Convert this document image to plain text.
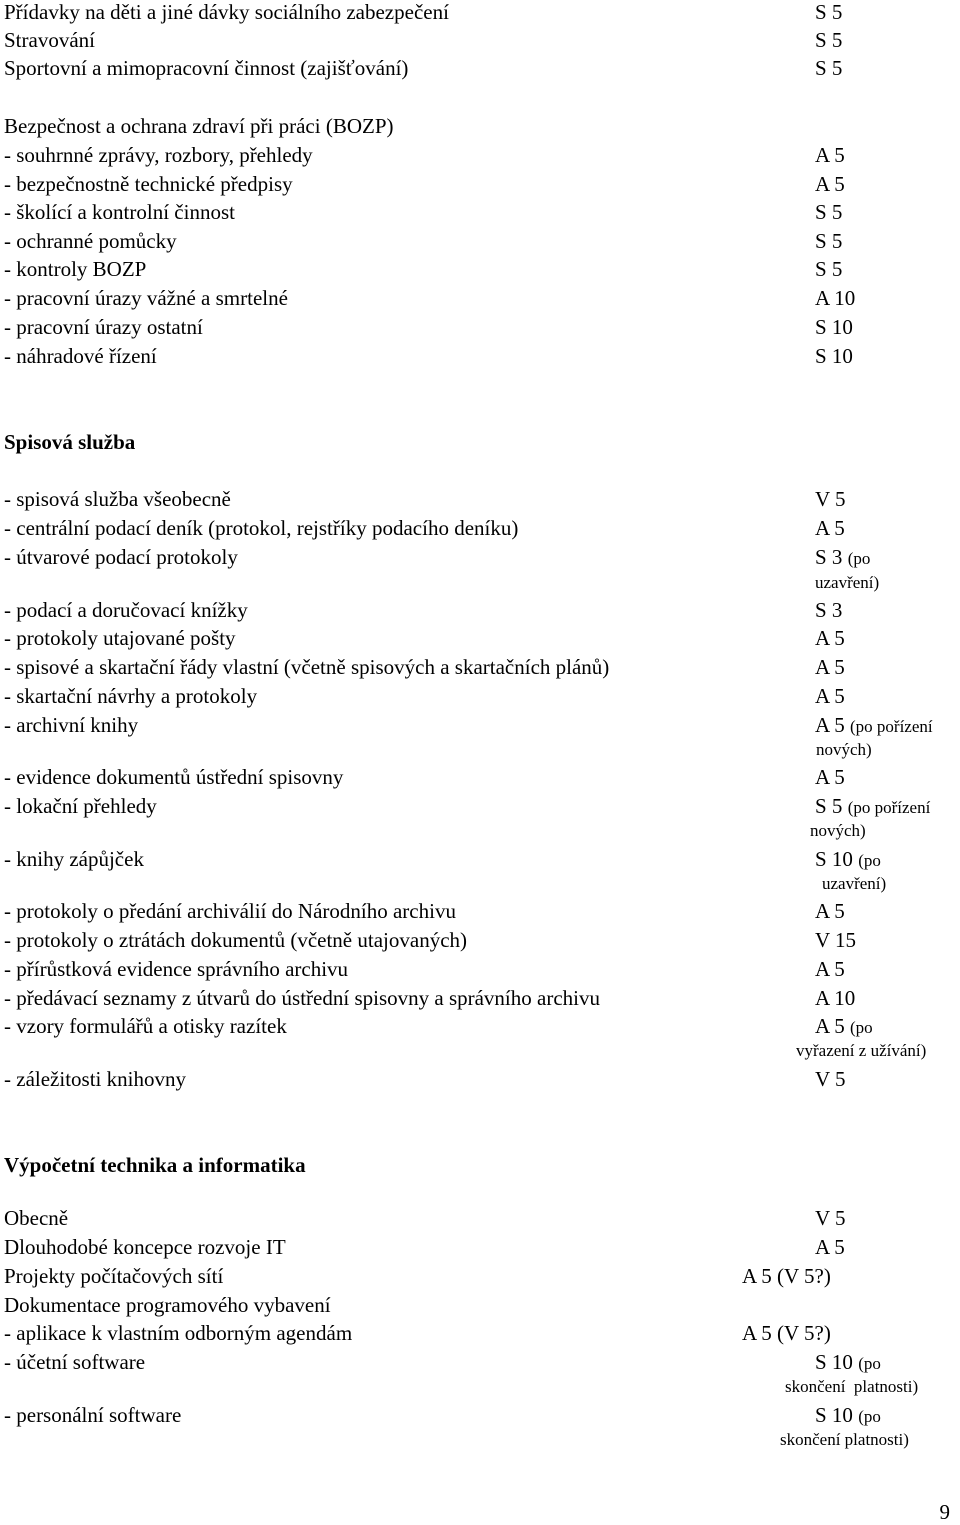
Přídavky na děti a jiné dávky sociálního zabezpečení	S 5
Stravování	S 5
Sportovní a mimopracovní činnost (zajišťování)	S 5
Bezpečnost a ochrana zdraví při práci (BOZP)
- souhrnné zprávy, rozbory, přehledy	A 5
- bezpečnostně technické předpisy	A 5
- školící a kontrolní činnost	S 5
- ochranné pomůcky	S 5
- kontroly BOZP	S 5
- pracovní úrazy vážné a smrtelné	A 10
- pracovní úrazy ostatní	S 10
- náhradové řízení	S 10
Spisová služba
- spisová služba všeobecně	V 5
- centrální podací deník (protokol, rejstříky podacího deníku)	A 5
- útvarové podací protokoly	S 3 (po
uzavření)
- podací a doručovací knížky	S 3
- protokoly utajované pošty	A 5
- spisové a skartační řády vlastní (včetně spisových a skartačních plánů)	A 5
- skartační návrhy a protokoly	A 5
- archivní knihy	A 5 (po pořízení
nových)
- evidence dokumentů ústřední spisovny	A 5
- lokační přehledy	S 5 (po pořízení
nových)
- knihy zápůjček	S 10 (po
uzavření)
- protokoly o předání archiválií do Národního archivu	A 5
- protokoly o ztrátách dokumentů (včetně utajovaných)	V 15
- přírůstková evidence správního archivu	A 5
- předávací seznamy z útvarů do ústřední spisovny a správního archivu	A 10
- vzory formulářů a otisky razítek	A 5 (po
vyřazení z užívání)
- záležitosti knihovny	V 5
Výpočetní technika a informatika
Obecně	V 5
Dlouhodobé koncepce rozvoje IT	A 5
Projekty počítačových sítí	A 5 (V 5?)
Dokumentace programového vybavení
- aplikace k vlastním odborným agendám	A 5 (V 5?)
- účetní software	S 10 (po
skončení  platnosti)
- personální software	S 10 (po
skončení platnosti)
9
